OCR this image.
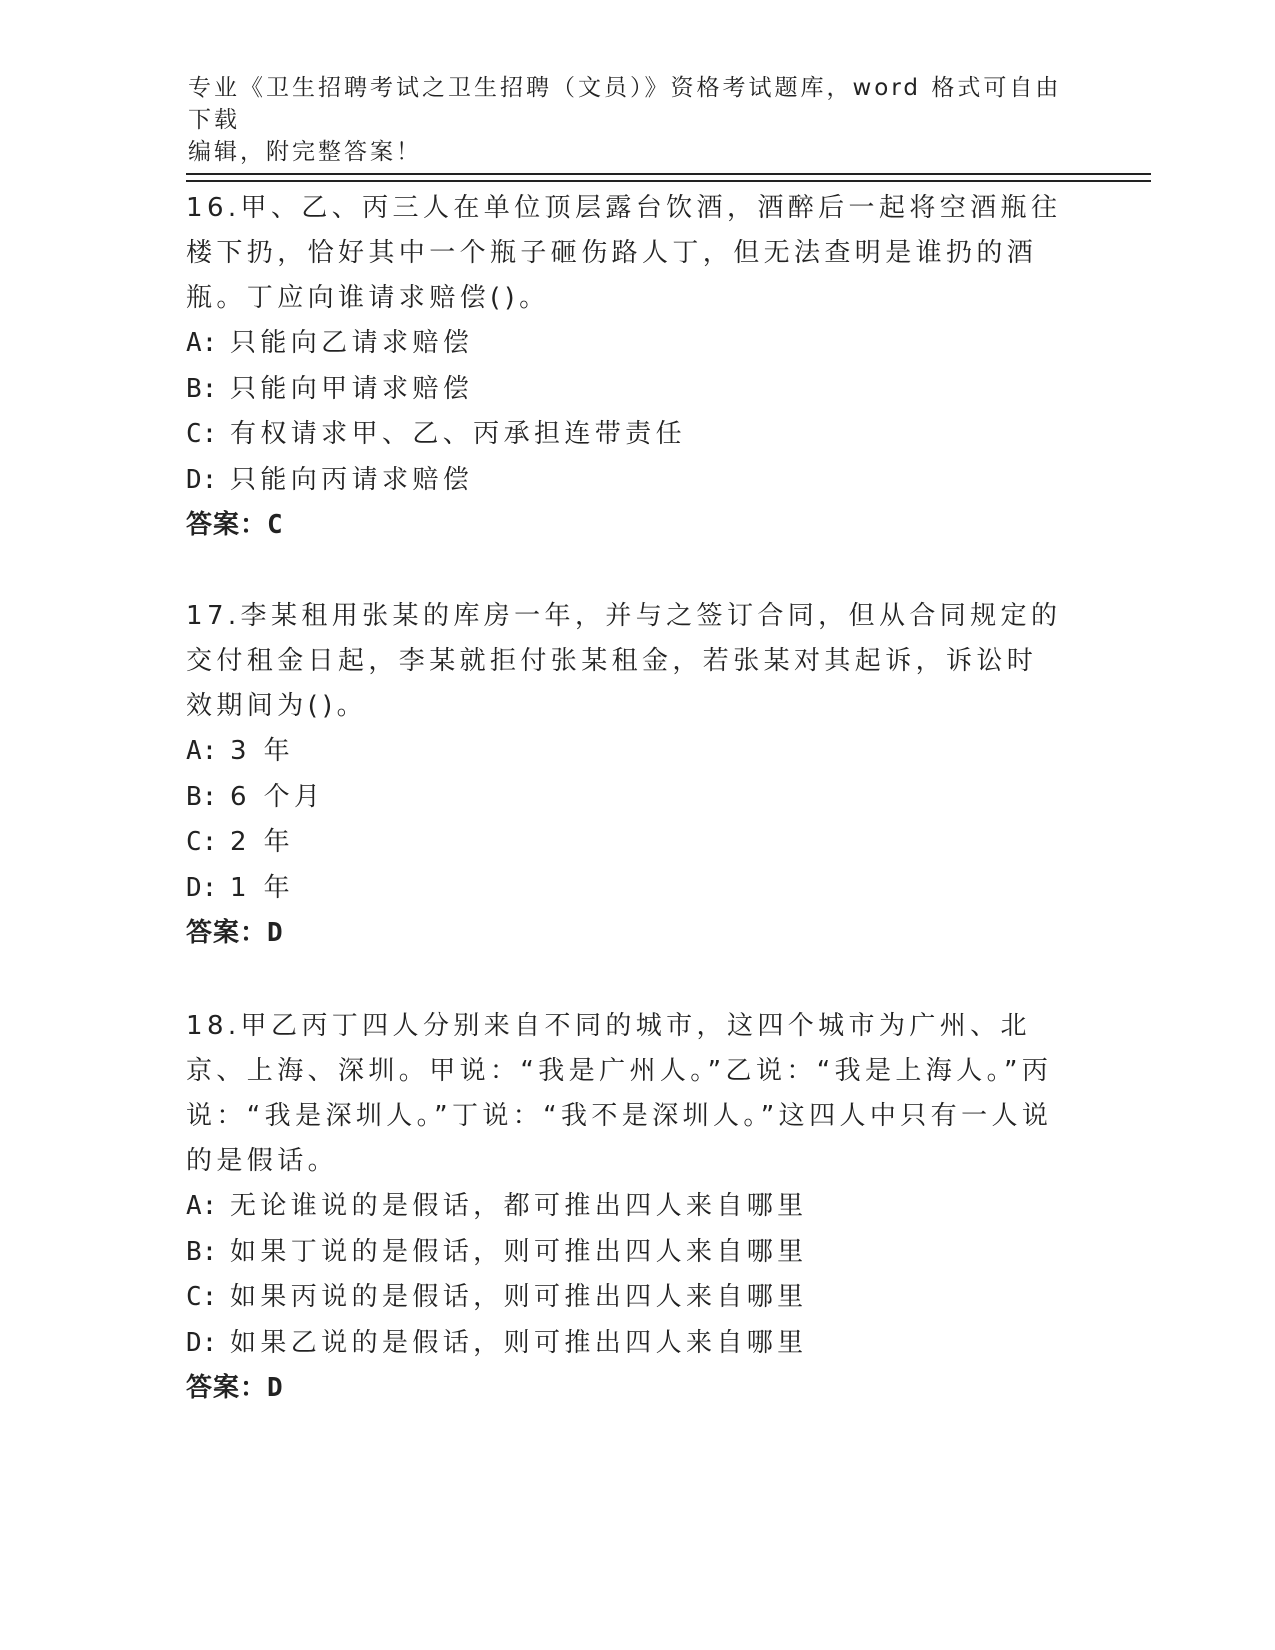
专业《卫生招聘考试之卫生招聘（文员）》资格考试题库，word 格式可自由下载
编辑，附完整答案！

16.甲、乙、丙三人在单位顶层露台饮酒，酒醉后一起将空酒瓶往楼下扔，恰好其中一个瓶子砸伤路人丁，但无法查明是谁扔的酒瓶。丁应向谁请求赔偿()。

A: 只能向乙请求赔偿

B: 只能向甲请求赔偿

C: 有权请求甲、乙、丙承担连带责任

D: 只能向丙请求赔偿

答案：C

17.李某租用张某的库房一年，并与之签订合同，但从合同规定的交付租金日起，李某就拒付张某租金，若张某对其起诉，诉讼时效期间为()。

A: 3 年

B: 6 个月

C: 2 年

D: 1 年

答案：D

18.甲乙丙丁四人分别来自不同的城市，这四个城市为广州、北京、上海、深圳。甲说：“我是广州人。”乙说：“我是上海人。”丙说：“我是深圳人。”丁说：“我不是深圳人。”这四人中只有一人说的是假话。

A: 无论谁说的是假话，都可推出四人来自哪里

B: 如果丁说的是假话，则可推出四人来自哪里

C: 如果丙说的是假话，则可推出四人来自哪里

D: 如果乙说的是假话，则可推出四人来自哪里

答案：D
